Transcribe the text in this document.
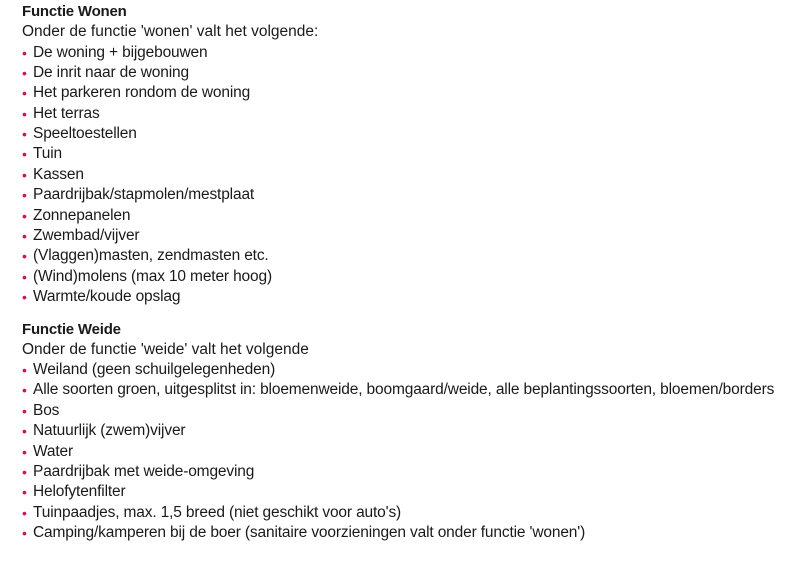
Functie Wonen
Onder de functie 'wonen' valt het volgende:
• De woning + bijgebouwen
• De inrit naar de woning
• Het parkeren rondom de woning
• Het terras
• Speeltoestellen
• Tuin
• Kassen
• Paardrijbak/stapmolen/mestplaat
• Zonnepanelen
• Zwembad/vijver
• (Vlaggen)masten, zendmasten etc.
• (Wind)molens (max 10 meter hoog)
• Warmte/koude opslag
Functie Weide
Onder de functie 'weide' valt het volgende
• Weiland (geen schuilgelegenheden)
• Alle soorten groen, uitgesplitst in: bloemenweide, boomgaard/weide, alle beplantingssoorten, bloemen/borders
• Bos
• Natuurlijk (zwem)vijver
• Water
• Paardrijbak met weide-omgeving
• Helofytenfilter
• Tuinpaadjes, max. 1,5 breed (niet geschikt voor auto's)
• Camping/kamperen bij de boer (sanitaire voorzieningen valt onder functie 'wonen')
